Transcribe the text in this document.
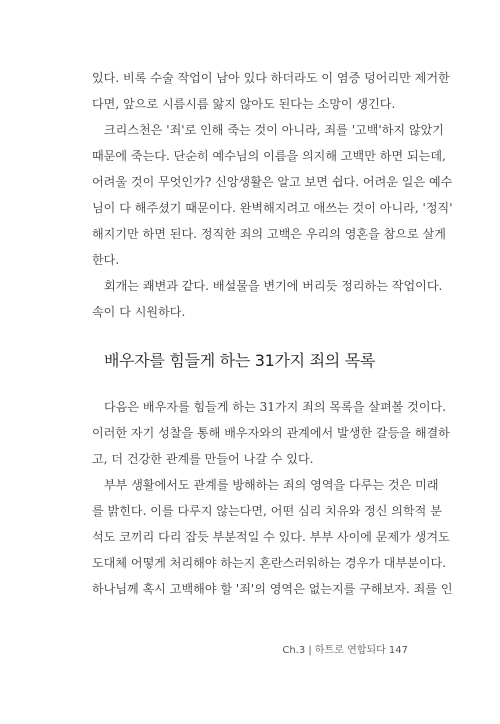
있다. 비록 수술 작업이 남아 있다 하더라도 이 염증 덩어리만 제거한
다면, 앞으로 시름시름 앓지 않아도 된다는 소망이 생긴다.
크리스천은 '죄'로 인해 죽는 것이 아니라, 죄를 '고백'하지 않았기
때문에 죽는다. 단순히 예수님의 이름을 의지해 고백만 하면 되는데,
어려울 것이 무엇인가? 신앙생활은 알고 보면 쉽다. 어려운 일은 예수
님이 다 해주셨기 때문이다. 완벽해지려고 애쓰는 것이 아니라, '정직'
해지기만 하면 된다. 정직한 죄의 고백은 우리의 영혼을 참으로 살게
한다.
회개는 쾌변과 같다. 배설물을 변기에 버리듯 정리하는 작업이다.
속이 다 시원하다.
배우자를 힘들게 하는 31가지 죄의 목록
다음은 배우자를 힘들게 하는 31가지 죄의 목록을 살펴볼 것이다.
이러한 자기 성찰을 통해 배우자와의 관계에서 발생한 갈등을 해결하
고, 더 건강한 관계를 만들어 나갈 수 있다.
부부 생활에서도 관계를 방해하는 죄의 영역을 다루는 것은 미래
를 밝힌다. 이를 다루지 않는다면, 어떤 심리 치유와 정신 의학적 분
석도 코끼리 다리 잡듯 부분적일 수 있다. 부부 사이에 문제가 생겨도
도대체 어떻게 처리해야 하는지 혼란스러워하는 경우가 대부분이다.
하나님께 혹시 고백해야 할 '죄'의 영역은 없는지를 구해보자. 죄를 인
Ch.3 | 하트로 연합되다 147
